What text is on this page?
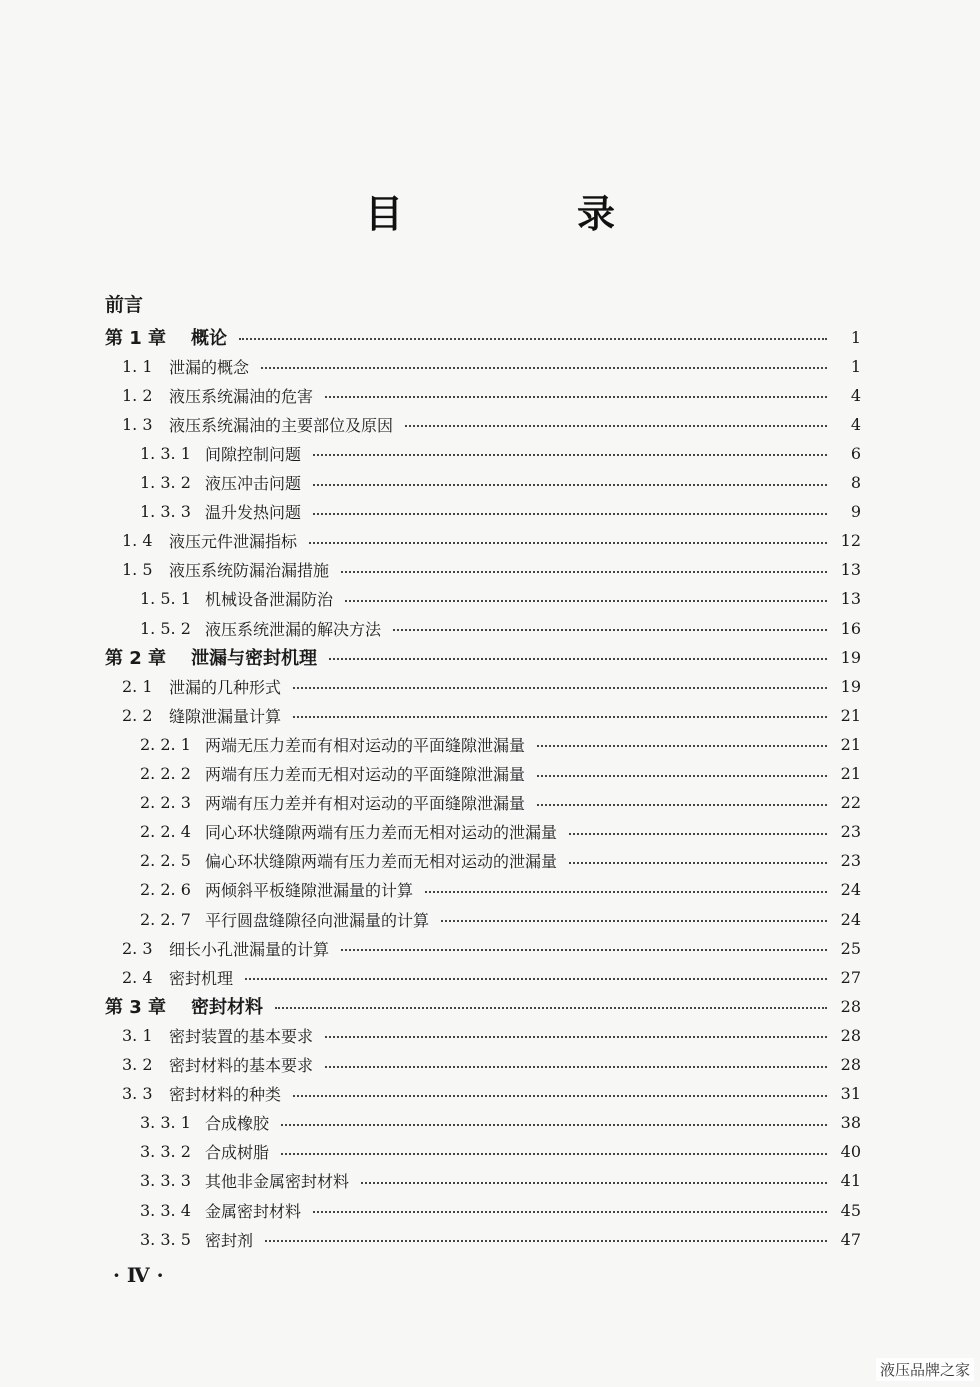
目　录
前言
第 1 章	概论	1
1. 1	泄漏的概念	1
1. 2	液压系统漏油的危害	4
1. 3	液压系统漏油的主要部位及原因	4
1. 3. 1 间隙控制问题	6
1. 3. 2 液压冲击问题	8
1. 3. 3 温升发热问题	9
1. 4	液压元件泄漏指标	12
1. 5	液压系统防漏治漏措施	13
1. 5. 1 机械设备泄漏防治	13
1. 5. 2 液压系统泄漏的解决方法	16
第 2 章	泄漏与密封机理	19
2. 1	泄漏的几种形式	19
2. 2	缝隙泄漏量计算	21
2. 2. 1 两端无压力差而有相对运动的平面缝隙泄漏量	21
2. 2. 2 两端有压力差而无相对运动的平面缝隙泄漏量	21
2. 2. 3 两端有压力差并有相对运动的平面缝隙泄漏量	22
2. 2. 4 同心环状缝隙两端有压力差而无相对运动的泄漏量	23
2. 2. 5 偏心环状缝隙两端有压力差而无相对运动的泄漏量	23
2. 2. 6 两倾斜平板缝隙泄漏量的计算	24
2. 2. 7 平行圆盘缝隙径向泄漏量的计算	24
2. 3	细长小孔泄漏量的计算	25
2. 4	密封机理	27
第 3 章	密封材料	28
3. 1	密封装置的基本要求	28
3. 2	密封材料的基本要求	28
3. 3	密封材料的种类	31
3. 3. 1 合成橡胶	38
3. 3. 2 合成树脂	40
3. 3. 3 其他非金属密封材料	41
3. 3. 4 金属密封材料	45
3. 3. 5 密封剂	47
· Ⅳ ·
液压品牌之家
